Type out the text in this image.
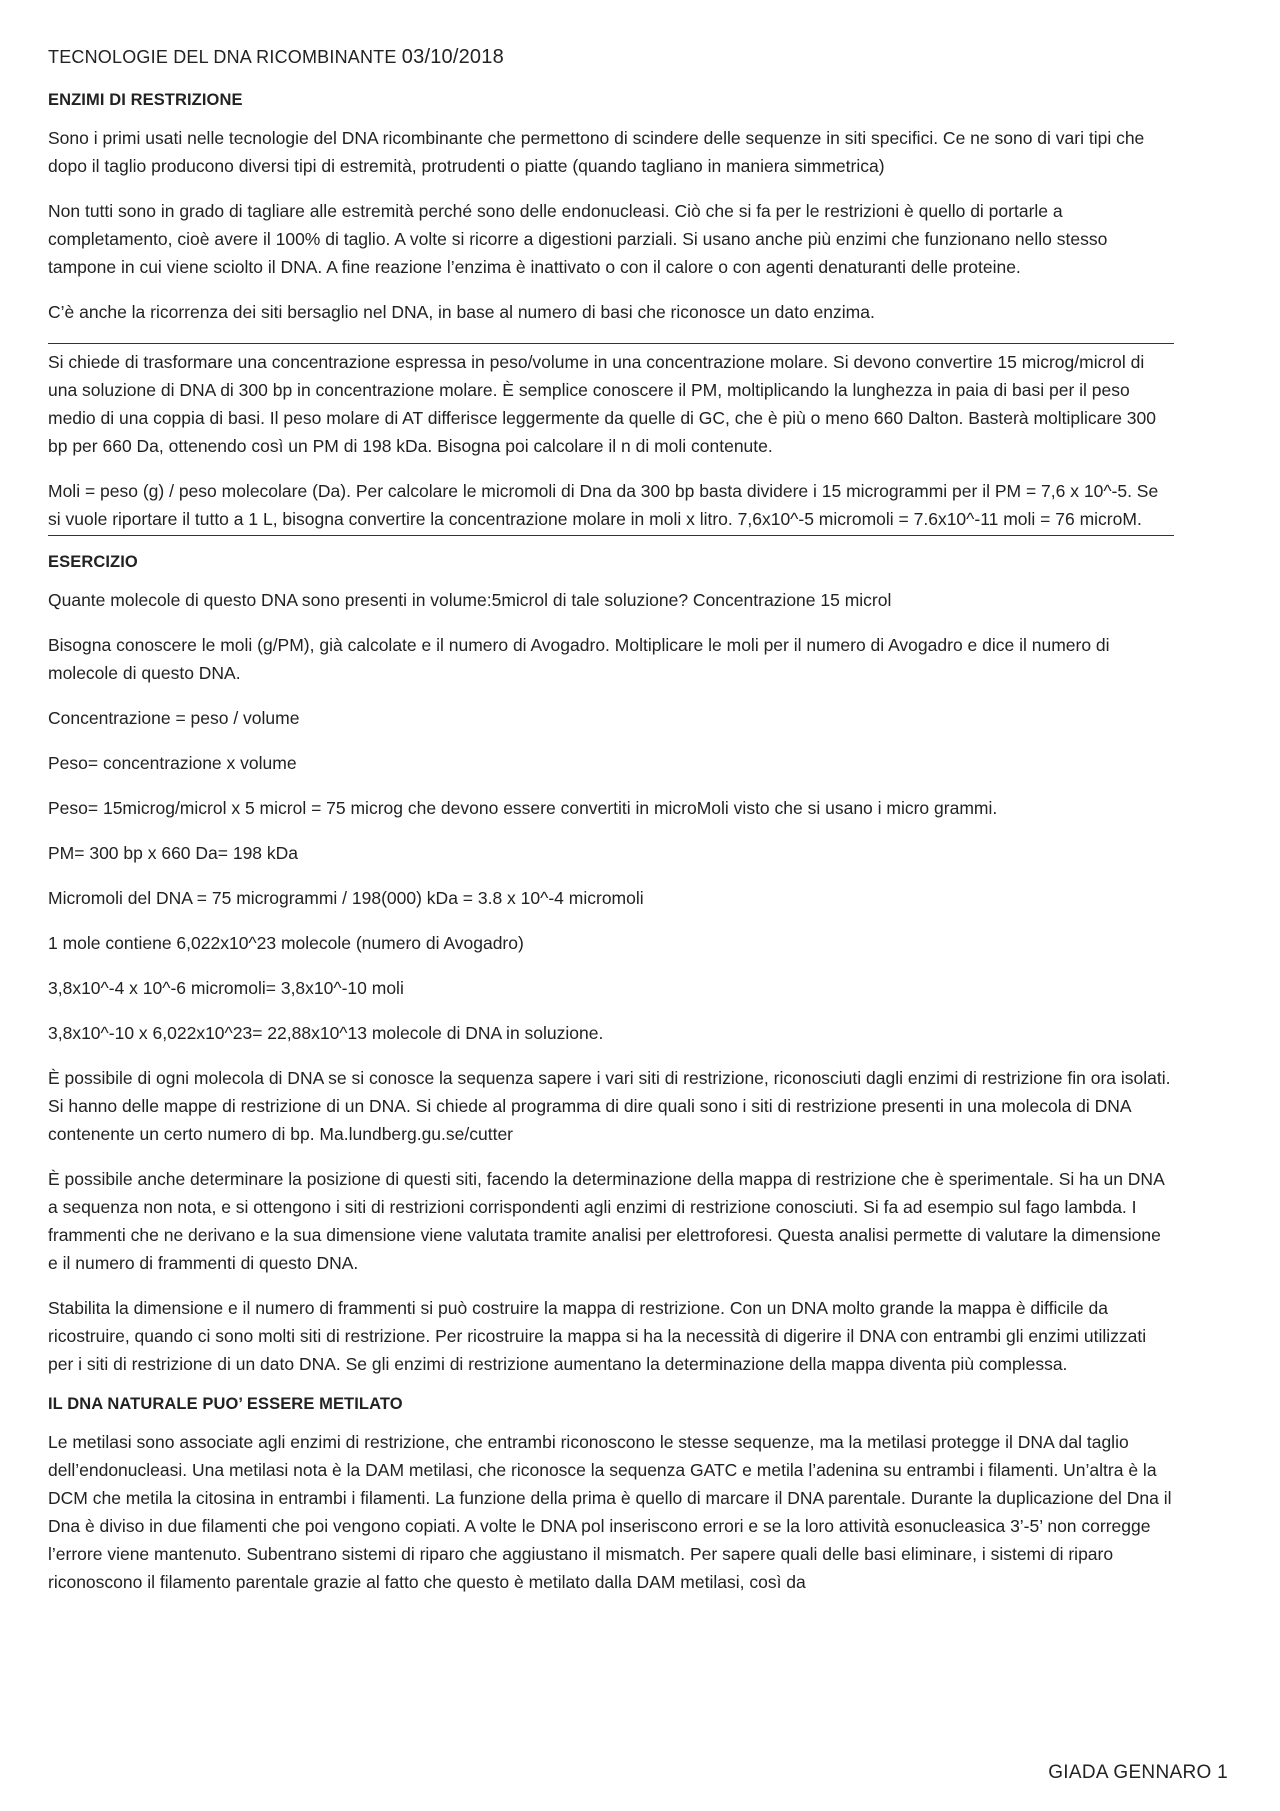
TECNOLOGIE DEL DNA RICOMBINANTE 03/10/2018
ENZIMI DI RESTRIZIONE

Sono i primi usati nelle tecnologie del DNA ricombinante che permettono di scindere delle sequenze in siti specifici. Ce ne sono di vari tipi che dopo il taglio producono diversi tipi di estremità, protrudenti o piatte (quando tagliano in maniera simmetrica)

Non tutti sono in grado di tagliare alle estremità perché sono delle endonucleasi. Ciò che si fa per le restrizioni è quello di portarle a completamento, cioè avere il 100% di taglio. A volte si ricorre a digestioni parziali. Si usano anche più enzimi che funzionano nello stesso tampone in cui viene sciolto il DNA. A fine reazione l’enzima è inattivato o con il calore o con agenti denaturanti delle proteine.

C’è anche la ricorrenza dei siti bersaglio nel DNA, in base al numero di basi che riconosce un dato enzima.

Si chiede di trasformare una concentrazione espressa in peso/volume in una concentrazione molare. Si devono convertire 15 microg/microl di una soluzione di DNA di 300 bp in concentrazione molare. È semplice conoscere il PM, moltiplicando la lunghezza in paia di basi per il peso medio di una coppia di basi. Il peso molare di AT differisce leggermente da quelle di GC, che è più o meno 660 Dalton. Basterà moltiplicare 300 bp per 660 Da, ottenendo così un PM di 198 kDa. Bisogna poi calcolare il n di moli contenute.

Moli = peso (g) / peso molecolare (Da). Per calcolare le micromoli di Dna da 300 bp basta dividere i 15 microgrammi per il PM = 7,6 x 10^-5. Se si vuole riportare il tutto a 1 L, bisogna convertire la concentrazione molare in moli x litro. 7,6x10^-5 micromoli = 7.6x10^-11 moli = 76 microM.

ESERCIZIO

Quante molecole di questo DNA sono presenti in volume:5microl di tale soluzione? Concentrazione 15 microl

Bisogna conoscere le moli (g/PM), già calcolate e il numero di Avogadro. Moltiplicare le moli per il numero di Avogadro e dice il numero di molecole di questo DNA.

Concentrazione = peso / volume

Peso= concentrazione x volume

Peso= 15microg/microl x 5 microl = 75 microg che devono essere convertiti in microMoli visto che si usano i micro grammi.

PM= 300 bp x 660 Da= 198 kDa

Micromoli del DNA = 75 microgrammi / 198(000) kDa = 3.8 x 10^-4 micromoli

1 mole contiene 6,022x10^23 molecole (numero di Avogadro)

3,8x10^-4 x 10^-6 micromoli= 3,8x10^-10 moli

3,8x10^-10 x 6,022x10^23= 22,88x10^13 molecole di DNA in soluzione.

È possibile di ogni molecola di DNA se si conosce la sequenza sapere i vari siti di restrizione, riconosciuti dagli enzimi di restrizione fin ora isolati. Si hanno delle mappe di restrizione di un DNA. Si chiede al programma di dire quali sono i siti di restrizione presenti in una molecola di DNA contenente un certo numero di bp. Ma.lundberg.gu.se/cutter

È possibile anche determinare la posizione di questi siti, facendo la determinazione della mappa di restrizione che è sperimentale. Si ha un DNA a sequenza non nota, e si ottengono i siti di restrizioni corrispondenti agli enzimi di restrizione conosciuti. Si fa ad esempio sul fago lambda. I frammenti che ne derivano e la sua dimensione viene valutata tramite analisi per elettroforesi. Questa analisi permette di valutare la dimensione e il numero di frammenti di questo DNA.

Stabilita la dimensione e il numero di frammenti si può costruire la mappa di restrizione. Con un DNA molto grande la mappa è difficile da ricostruire, quando ci sono molti siti di restrizione. Per ricostruire la mappa si ha la necessità di digerire il DNA con entrambi gli enzimi utilizzati per i siti di restrizione di un dato DNA. Se gli enzimi di restrizione aumentano la determinazione della mappa diventa più complessa.

IL DNA NATURALE PUO’ ESSERE METILATO

Le metilasi sono associate agli enzimi di restrizione, che entrambi riconoscono le stesse sequenze, ma la metilasi protegge il DNA dal taglio dell’endonucleasi. Una metilasi nota è la DAM metilasi, che riconosce la sequenza GATC e metila l’adenina su entrambi i filamenti. Un’altra è la DCM che metila la citosina in entrambi i filamenti. La funzione della prima è quello di marcare il DNA parentale. Durante la duplicazione del Dna il Dna è diviso in due filamenti che poi vengono copiati. A volte le DNA pol inseriscono errori e se la loro attività esonucleasica 3’-5’ non corregge l’errore viene mantenuto. Subentrano sistemi di riparo che aggiustano il mismatch. Per sapere quali delle basi eliminare, i sistemi di riparo riconoscono il filamento parentale grazie al fatto che questo è metilato dalla DAM metilasi, così da

GIADA GENNARO 1
